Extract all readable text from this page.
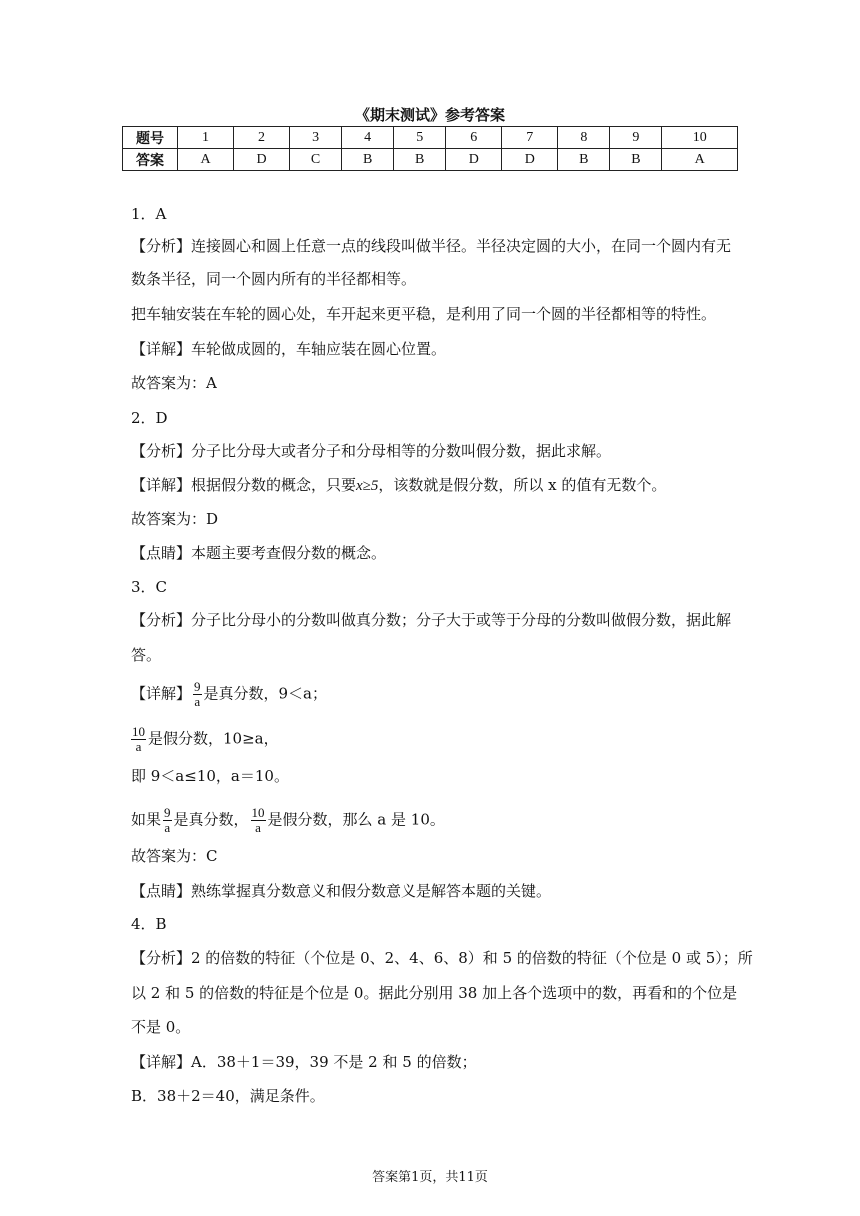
《期末测试》参考答案
题号	1	2	3	4	5	6	7	8	9	10
答案	A	D	C	B	B	D	D	B	B	A
1．A
【分析】连接圆心和圆上任意一点的线段叫做半径。半径决定圆的大小，在同一个圆内有无
数条半径，同一个圆内所有的半径都相等。
把车轴安装在车轮的圆心处，车开起来更平稳，是利用了同一个圆的半径都相等的特性。
【详解】车轮做成圆的，车轴应装在圆心位置。
故答案为：A
2．D
【分析】分子比分母大或者分子和分母相等的分数叫假分数，据此求解。
【详解】根据假分数的概念，只要x≥5，该数就是假分数，所以 x 的值有无数个。
故答案为：D
【点睛】本题主要考查假分数的概念。
3．C
【分析】分子比分母小的分数叫做真分数；分子大于或等于分母的分数叫做假分数，据此解
答。
【详解】 $\frac{9}{a}$ 是真分数，9＜a；
$\frac{10}{a}$ 是假分数，10≥a，
即 9＜a≤10，a＝10。
如果 $\frac{9}{a}$ 是真分数， $\frac{10}{a}$ 是假分数，那么 a 是 10。
故答案为：C
【点睛】熟练掌握真分数意义和假分数意义是解答本题的关键。
4．B
【分析】2 的倍数的特征（个位是 0、2、4、6、8）和 5 的倍数的特征（个位是 0 或 5）；所
以 2 和 5 的倍数的特征是个位是 0。据此分别用 38 加上各个选项中的数，再看和的个位是
不是 0。
【详解】A．38＋1＝39，39 不是 2 和 5 的倍数；
B．38＋2＝40，满足条件。
答案第1页，共11页
